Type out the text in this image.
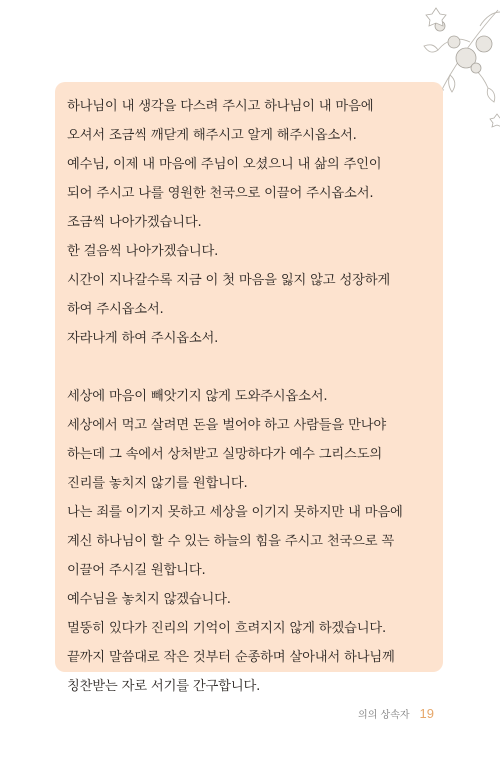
하나님이 내 생각을 다스려 주시고 하나님이 내 마음에
오셔서 조금씩 깨닫게 해주시고 알게 해주시옵소서.
예수님, 이제 내 마음에 주님이 오셨으니 내 삶의 주인이
되어 주시고 나를 영원한 천국으로 이끌어 주시옵소서.
조금씩 나아가겠습니다.
한 걸음씩 나아가겠습니다.
시간이 지나갈수록 지금 이 첫 마음을 잃지 않고 성장하게
하여 주시옵소서.
자라나게 하여 주시옵소서.
세상에 마음이 빼앗기지 않게 도와주시옵소서.
세상에서 먹고 살려면 돈을 벌어야 하고 사람들을 만나야
하는데 그 속에서 상처받고 실망하다가 예수 그리스도의
진리를 놓치지 않기를 원합니다.
나는 죄를 이기지 못하고 세상을 이기지 못하지만 내 마음에
계신 하나님이 할 수 있는 하늘의 힘을 주시고 천국으로 꼭
이끌어 주시길 원합니다.
예수님을 놓치지 않겠습니다.
멀뚱히 있다가 진리의 기억이 흐려지지 않게 하겠습니다.
끝까지 말씀대로 작은 것부터 순종하며 살아내서 하나님께
칭찬받는 자로 서기를 간구합니다.
의의 상속자 19
